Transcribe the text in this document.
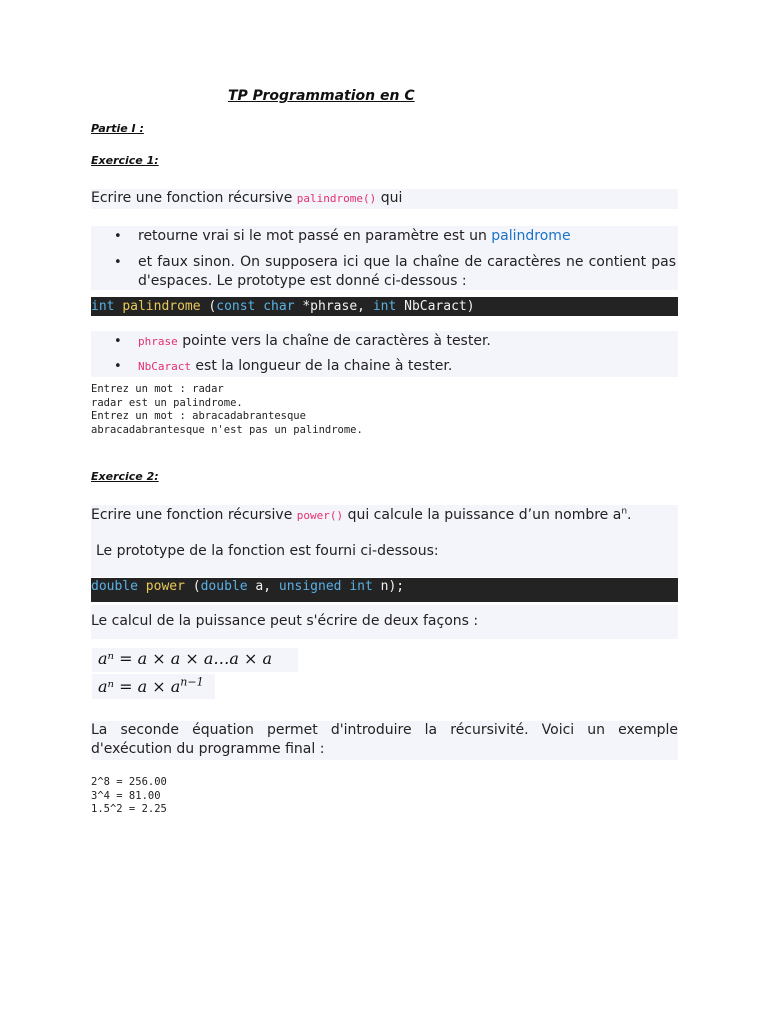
TP Programmation en C
Partie I :
Exercice 1:
Ecrire une fonction récursive palindrome() qui
• retourne vrai si le mot passé en paramètre est un palindrome
• et faux sinon. On supposera ici que la chaîne de caractères ne contient pas d'espaces. Le prototype est donné ci-dessous :
int palindrome (const char *phrase, int NbCaract)
• phrase pointe vers la chaîne de caractères à tester.
• NbCaract est la longueur de la chaine à tester.
Entrez un mot : radar
radar est un palindrome.
Entrez un mot : abracadabrantesque
abracadabrantesque n'est pas un palindrome.
Exercice 2:
Ecrire une fonction récursive power() qui calcule la puissance d’un nombre $a^n$.
Le prototype de la fonction est fourni ci-dessous:
double power (double a, unsigned int n);
Le calcul de la puissance peut s'écrire de deux façons :
aⁿ = a × a × a…a × a
$a^n = a \times a^{n-1}$
La seconde équation permet d'introduire la récursivité. Voici un exemple d'exécution du programme final :
2^8 = 256.00
3^4 = 81.00
1.5^2 = 2.25
